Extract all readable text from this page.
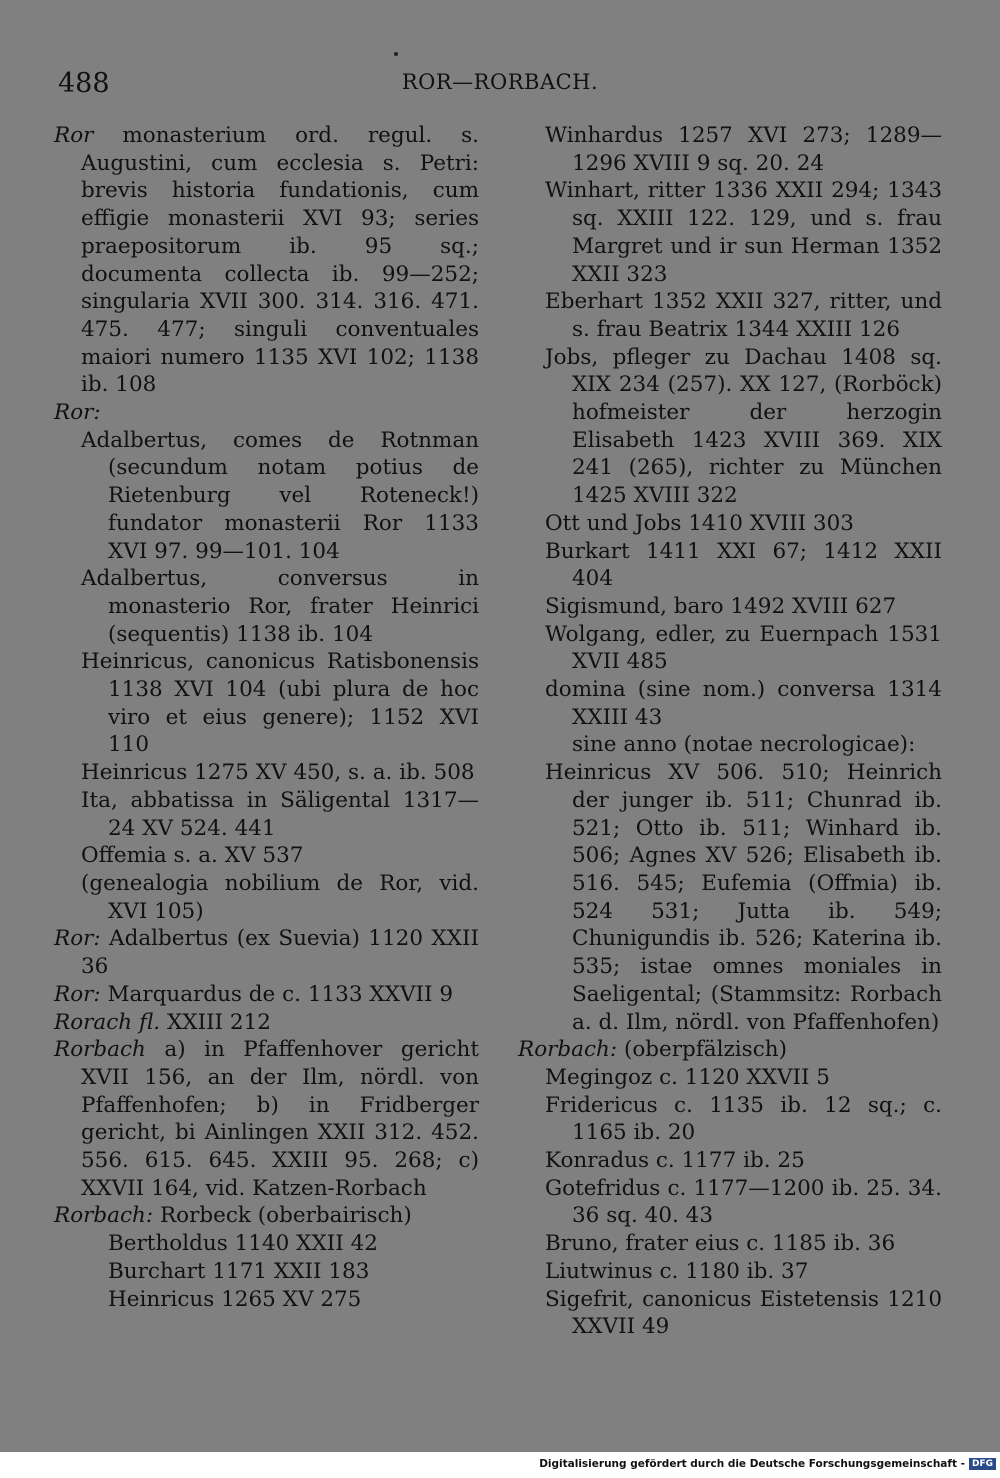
488	ROR—RORBACH.

Ror monasterium ord. regul. s. Augustini, cum ecclesia s. Petri: brevis historia fundationis, cum effigie monasterii XVI 93; series praepositorum ib. 95 sq.; documenta collecta ib. 99—252; singularia XVII 300. 314. 316. 471. 475. 477; singuli conventuales maiori numero 1135 XVI 102; 1138 ib. 108

Ror:

Adalbertus, comes de Rotnman (secundum notam potius de Rietenburg vel Roteneck!) fundator monasterii Ror 1133 XVI 97. 99—101. 104

Adalbertus, conversus in monasterio Ror, frater Heinrici (sequentis) 1138 ib. 104

Heinricus, canonicus Ratisbonensis 1138 XVI 104 (ubi plura de hoc viro et eius genere); 1152 XVI 110

Heinricus 1275 XV 450, s. a. ib. 508

Ita, abbatissa in Säligental 1317—24 XV 524. 441

Offemia s. a. XV 537

(genealogia nobilium de Ror, vid. XVI 105)

Ror: Adalbertus (ex Suevia) 1120 XXII 36

Ror: Marquardus de c. 1133 XXVII 9

Rorach fl. XXIII 212

Rorbach a) in Pfaffenhover gericht XVII 156, an der Ilm, nördl. von Pfaffenhofen; b) in Fridberger gericht, bi Ainlingen XXII 312. 452. 556. 615. 645. XXIII 95. 268; c) XXVII 164, vid. Katzen-Rorbach

Rorbach: Rorbeck (oberbairisch)

Bertholdus 1140 XXII 42

Burchart 1171 XXII 183

Heinricus 1265 XV 275

Winhardus 1257 XVI 273; 1289—1296 XVIII 9 sq. 20. 24

Winhart, ritter 1336 XXII 294; 1343 sq. XXIII 122. 129, und s. frau Margret und ir sun Herman 1352 XXII 323

Eberhart 1352 XXII 327, ritter, und s. frau Beatrix 1344 XXIII 126

Jobs, pfleger zu Dachau 1408 sq. XIX 234 (257). XX 127, (Rorböck) hofmeister der herzogin Elisabeth 1423 XVIII 369. XIX 241 (265), richter zu München 1425 XVIII 322

Ott und Jobs 1410 XVIII 303

Burkart 1411 XXI 67; 1412 XXII 404

Sigismund, baro 1492 XVIII 627

Wolgang, edler, zu Euernpach 1531 XVII 485

domina (sine nom.) conversa 1314 XXIII 43

sine anno (notae necrologicae):

Heinricus XV 506. 510; Heinrich der junger ib. 511; Chunrad ib. 521; Otto ib. 511; Winhard ib. 506; Agnes XV 526; Elisabeth ib. 516. 545; Eufemia (Offmia) ib. 524 531; Jutta ib. 549; Chunigundis ib. 526; Katerina ib. 535; istae omnes moniales in Saeligental; (Stammsitz: Rorbach a. d. Ilm, nördl. von Pfaffenhofen)

Rorbach: (oberpfälzisch)

Megingoz c. 1120 XXVII 5

Fridericus c. 1135 ib. 12 sq.; c. 1165 ib. 20

Konradus c. 1177 ib. 25

Gotefridus c. 1177—1200 ib. 25. 34. 36 sq. 40. 43

Bruno, frater eius c. 1185 ib. 36

Liutwinus c. 1180 ib. 37

Sigefrit, canonicus Eistetensis 1210 XXVII 49

Digitalisierung gefördert durch die Deutsche Forschungsgemeinschaft - DFG
